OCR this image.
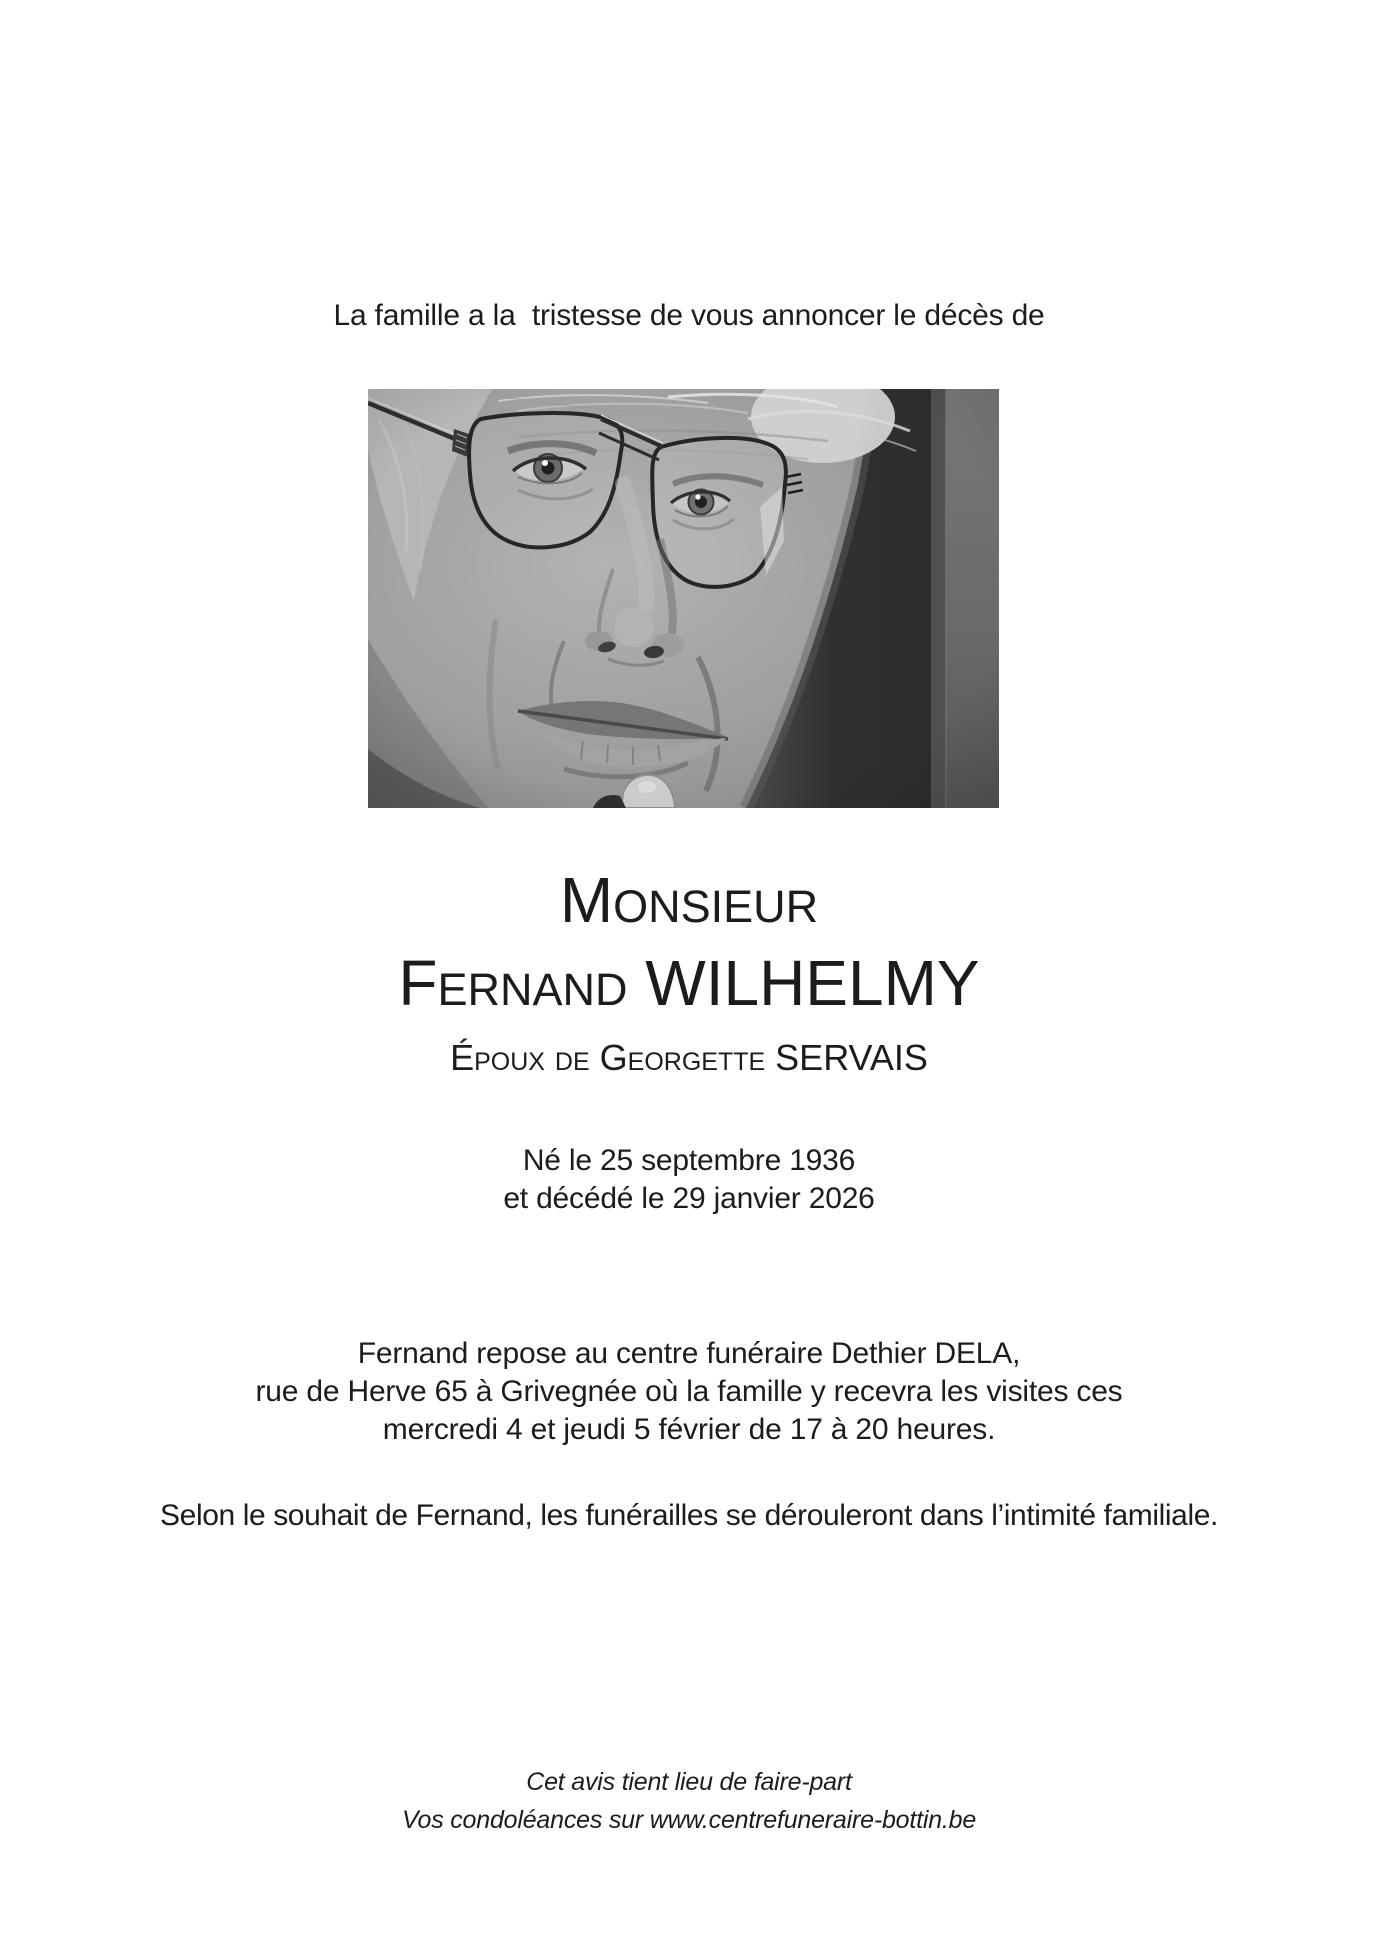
La famille a la  tristesse de vous annoncer le décès de

Monsieur
Fernand WILHELMY
Époux de Georgette SERVAIS

Né le 25 septembre 1936

et décédé le 29 janvier 2026

Fernand repose au centre funéraire Dethier DELA,

rue de Herve 65 à Grivegnée où la famille y recevra les visites ces

mercredi 4 et jeudi 5 février de 17 à 20 heures.

Selon le souhait de Fernand, les funérailles se dérouleront dans l’intimité familiale.

Cet avis tient lieu de faire-part

Vos condoléances sur www.centrefuneraire-bottin.be
